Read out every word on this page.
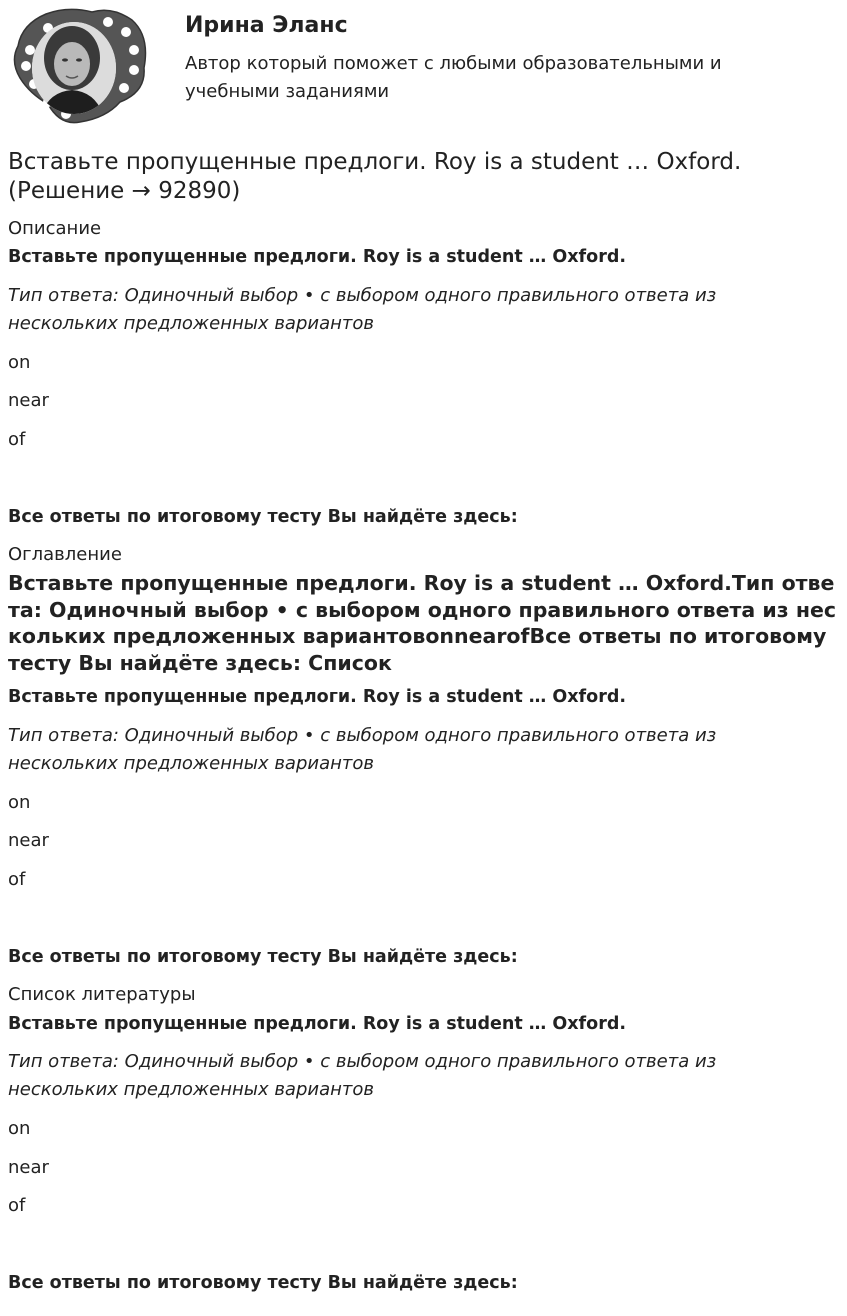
Ирина Эланс

Автор который поможет с любыми образовательными и учебными заданиями

Вставьте пропущенные предлоги. Roy is a student … Oxford. (Решение → 92890)

Описание

Вставьте пропущенные предлоги. Roy is a student … Oxford.

Тип ответа: Одиночный выбор • с выбором одного правильного ответа из нескольких предложенных вариантов

on

near

of

Все ответы по итоговому тесту Вы найдёте здесь:

Оглавление

Вставьте пропущенные предлоги. Roy is a student … Oxford.Тип ответа: Одиночный выбор • с выбором одного правильного ответа из нескольких предложенных вариантовonnearofВсе ответы по итоговому тесту Вы найдёте здесь: Список

Вставьте пропущенные предлоги. Roy is a student … Oxford.

Тип ответа: Одиночный выбор • с выбором одного правильного ответа из нескольких предложенных вариантов

on

near

of

Все ответы по итоговому тесту Вы найдёте здесь:

Список литературы

Вставьте пропущенные предлоги. Roy is a student … Oxford.

Тип ответа: Одиночный выбор • с выбором одного правильного ответа из нескольких предложенных вариантов

on

near

of

Все ответы по итоговому тесту Вы найдёте здесь:
